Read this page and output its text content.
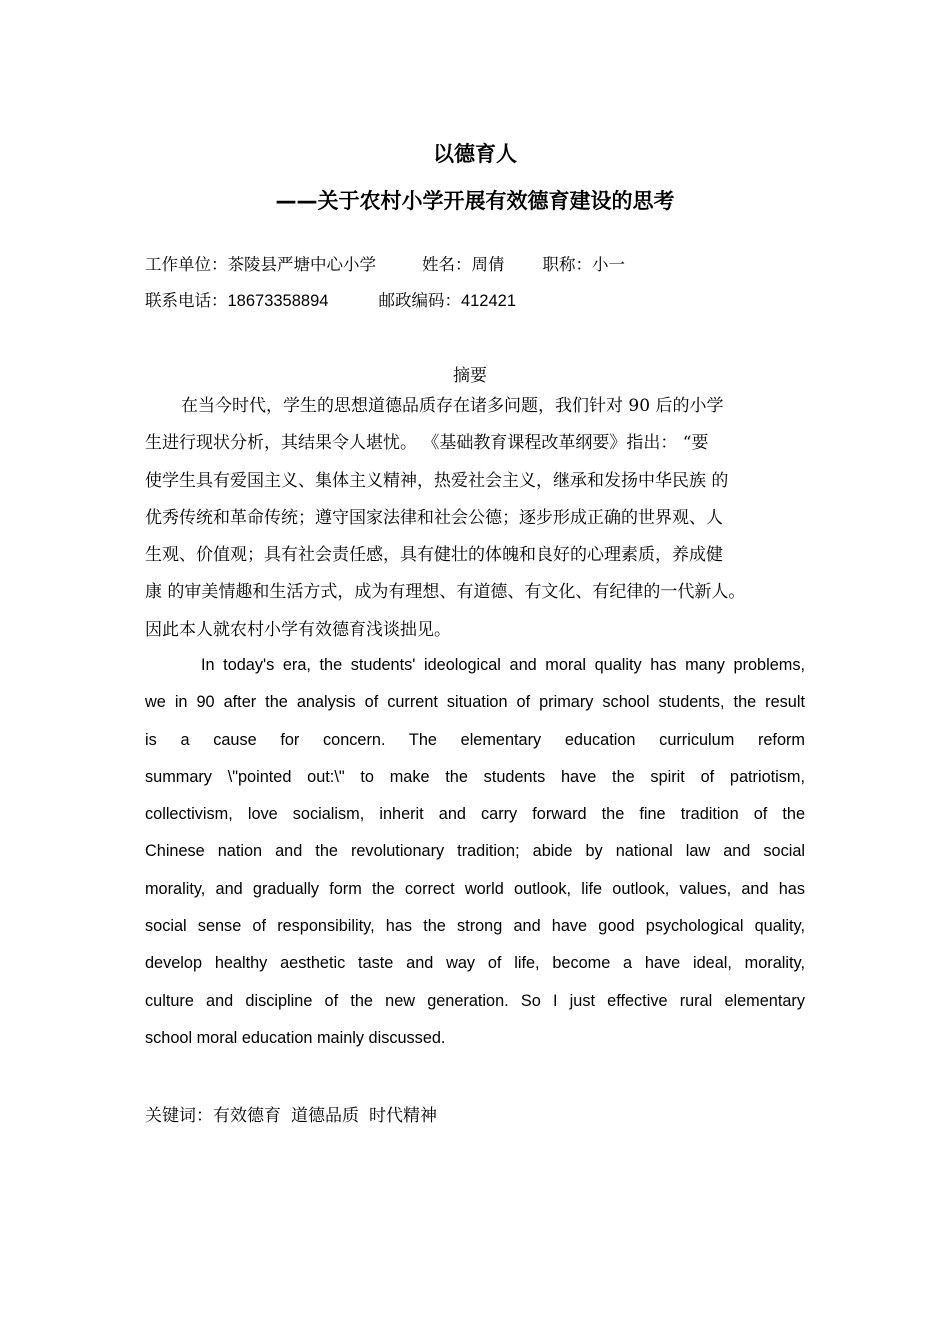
以德育人
——关于农村小学开展有效德育建设的思考
工作单位：茶陵县严塘中心小学	姓名：周倩 职称：小一
联系电话：18673358894	邮政编码：412421
摘要

在当今时代，学生的思想道德品质存在诸多问题，我们针对 90 后的小学
生进行现状分析，其结果令人堪忧。 《基础教育课程改革纲要》指出： “要
使学生具有爱国主义、集体主义精神，热爱社会主义，继承和发扬中华民族 的
优秀传统和革命传统；遵守国家法律和社会公德；逐步形成正确的世界观、人
生观、价值观；具有社会责任感，具有健壮的体魄和良好的心理素质，养成健
康 的审美情趣和生活方式，成为有理想、有道德、有文化、有纪律的一代新人。
因此本人就农村小学有效德育浅谈拙见。

In today's era, the students' ideological and moral quality has many problems,
we in 90 after the analysis of current situation of primary school students, the result
is a cause for concern. The elementary education curriculum reform
summary \"pointed out:\" to make the students have the spirit of patriotism,
collectivism, love socialism, inherit and carry forward the fine tradition of the
Chinese nation and the revolutionary tradition; abide by national law and social
morality, and gradually form the correct world outlook, life outlook, values, and has
social sense of responsibility, has the strong and have good psychological quality,
develop healthy aesthetic taste and way of life, become a have ideal, morality,
culture and discipline of the new generation. So I just effective rural elementary
school moral education mainly discussed.

关键词：有效德育 道德品质 时代精神
